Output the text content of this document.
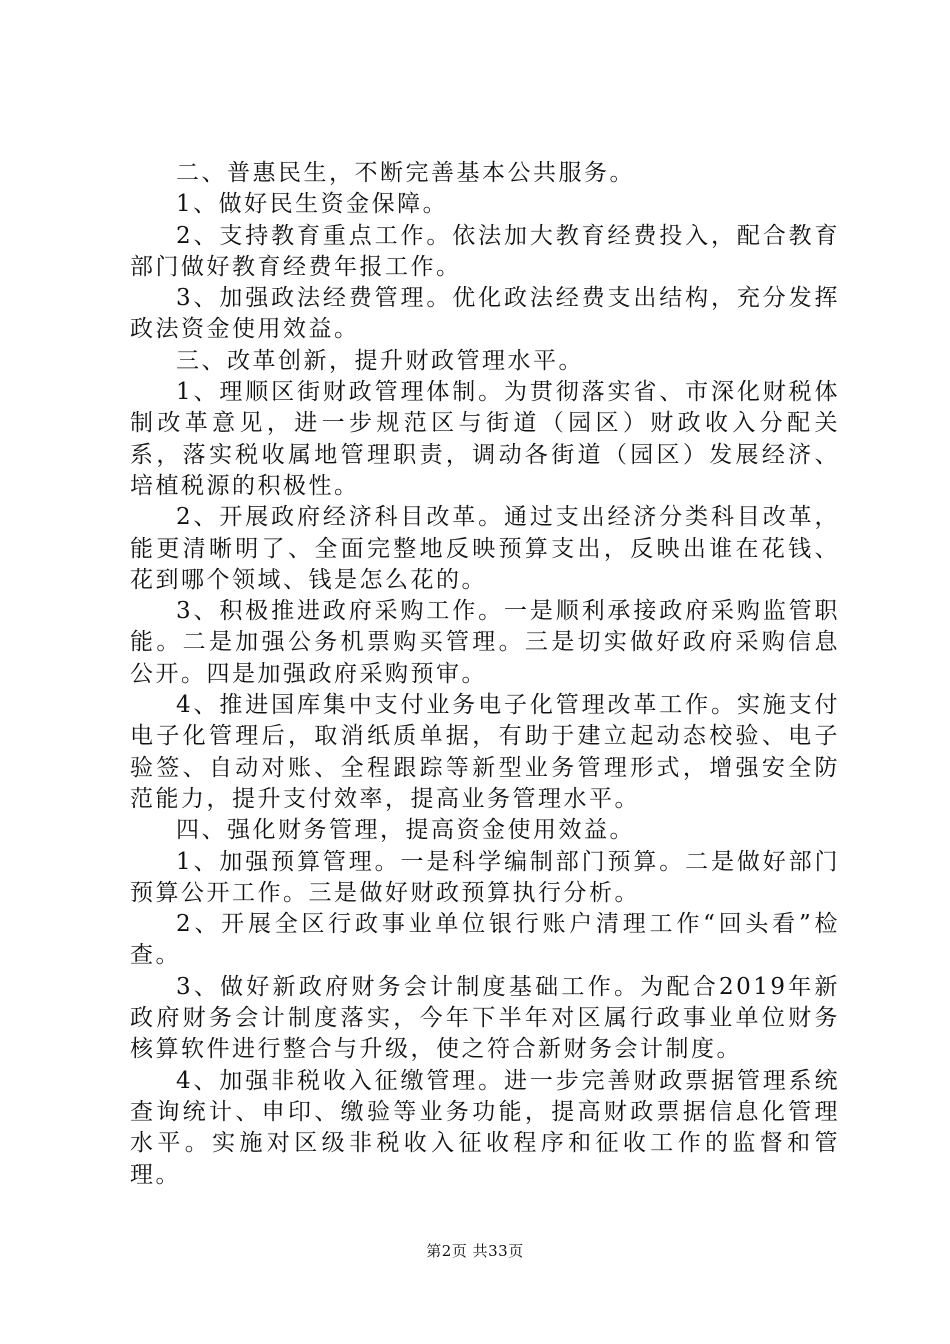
二、普惠民生，不断完善基本公共服务。

1、做好民生资金保障。

2、支持教育重点工作。依法加大教育经费投入，配合教育部门做好教育经费年报工作。

3、加强政法经费管理。优化政法经费支出结构，充分发挥政法资金使用效益。

三、改革创新，提升财政管理水平。

1、理顺区街财政管理体制。为贯彻落实省、市深化财税体制改革意见，进一步规范区与街道（园区）财政收入分配关系，落实税收属地管理职责，调动各街道（园区）发展经济、培植税源的积极性。

2、开展政府经济科目改革。通过支出经济分类科目改革，能更清晰明了、全面完整地反映预算支出，反映出谁在花钱、花到哪个领域、钱是怎么花的。

3、积极推进政府采购工作。一是顺利承接政府采购监管职能。二是加强公务机票购买管理。三是切实做好政府采购信息公开。四是加强政府采购预审。

4、推进国库集中支付业务电子化管理改革工作。实施支付电子化管理后，取消纸质单据，有助于建立起动态校验、电子验签、自动对账、全程跟踪等新型业务管理形式，增强安全防范能力，提升支付效率，提高业务管理水平。

四、强化财务管理，提高资金使用效益。

1、加强预算管理。一是科学编制部门预算。二是做好部门预算公开工作。三是做好财政预算执行分析。

2、开展全区行政事业单位银行账户清理工作“回头看”检查。

3、做好新政府财务会计制度基础工作。为配合2019年新政府财务会计制度落实，今年下半年对区属行政事业单位财务核算软件进行整合与升级，使之符合新财务会计制度。

4、加强非税收入征缴管理。进一步完善财政票据管理系统查询统计、申印、缴验等业务功能，提高财政票据信息化管理水平。实施对区级非税收入征收程序和征收工作的监督和管理。

第2页 共33页
